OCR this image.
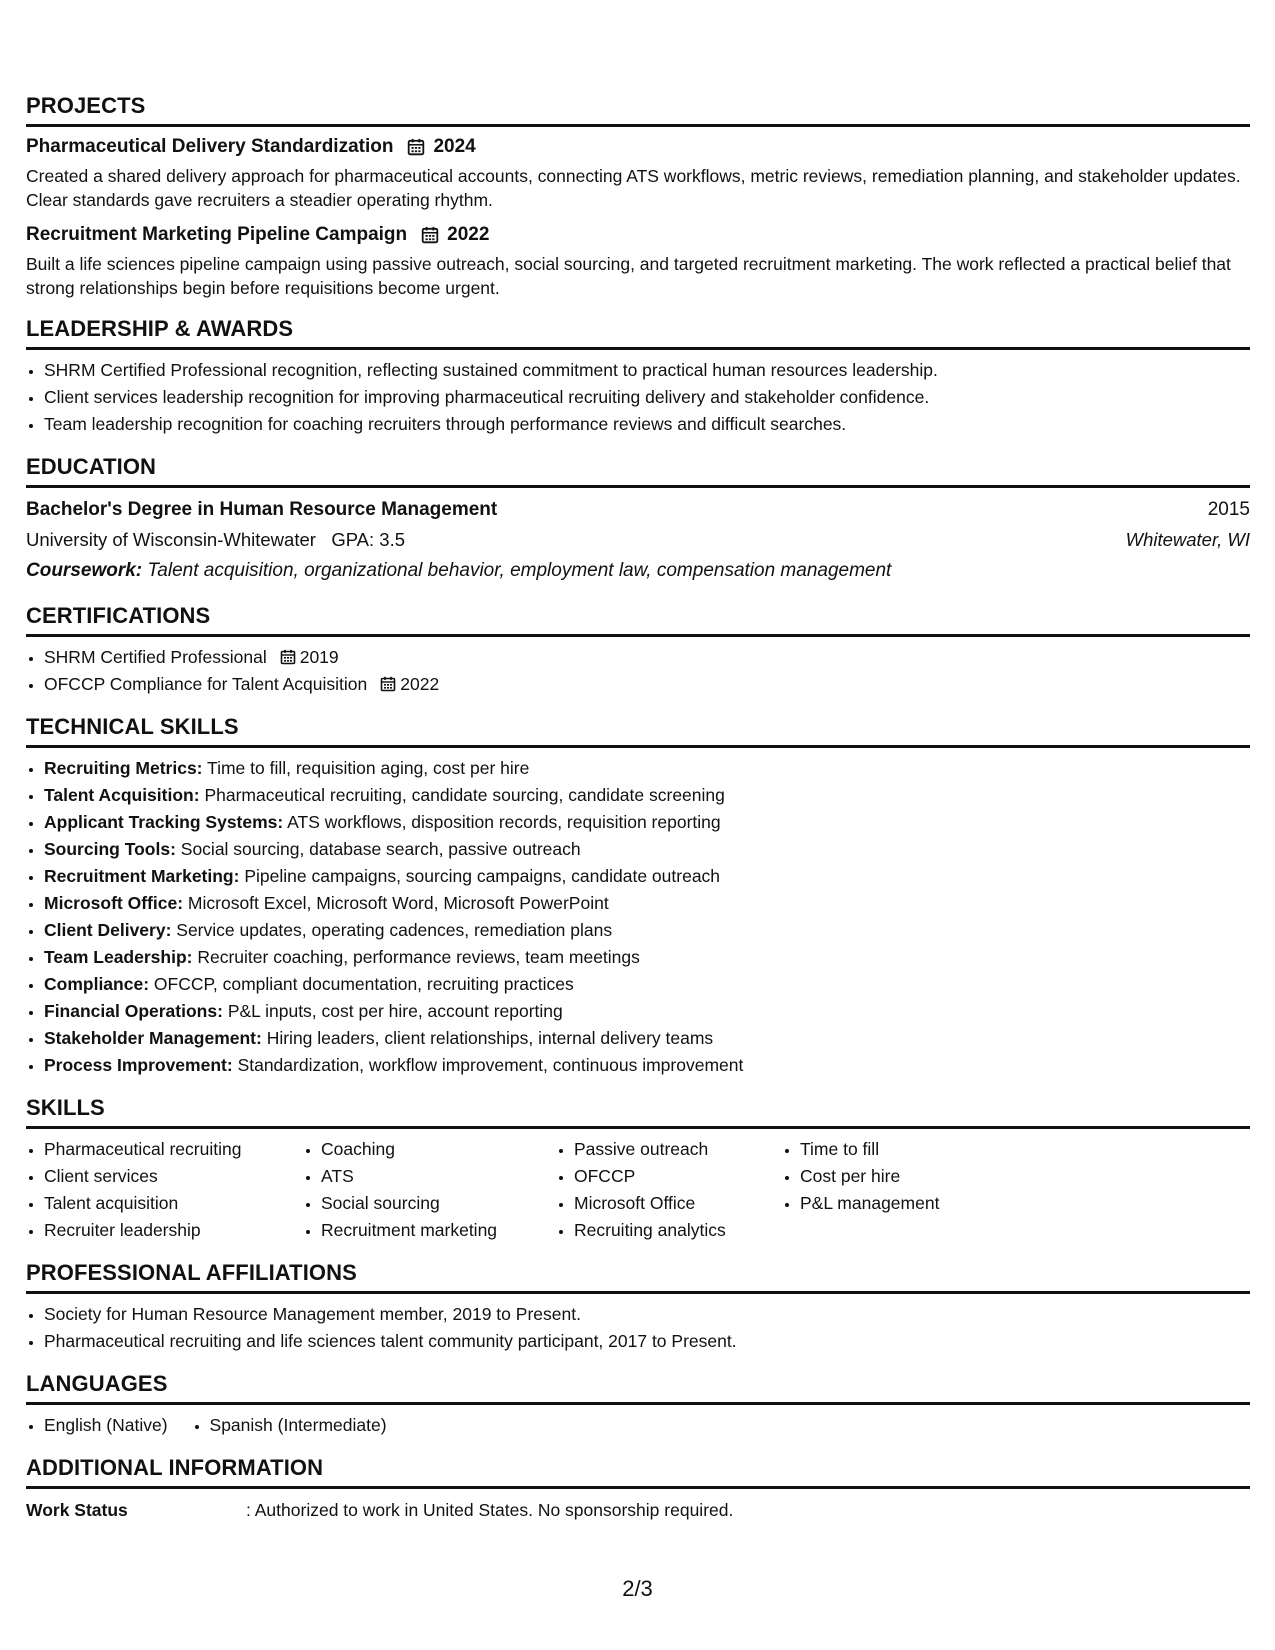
PROJECTS
Pharmaceutical Delivery Standardization 2024
Created a shared delivery approach for pharmaceutical accounts, connecting ATS workflows, metric reviews, remediation planning, and stakeholder updates. Clear standards gave recruiters a steadier operating rhythm.
Recruitment Marketing Pipeline Campaign 2022
Built a life sciences pipeline campaign using passive outreach, social sourcing, and targeted recruitment marketing. The work reflected a practical belief that strong relationships begin before requisitions become urgent.
LEADERSHIP & AWARDS
• SHRM Certified Professional recognition, reflecting sustained commitment to practical human resources leadership.
• Client services leadership recognition for improving pharmaceutical recruiting delivery and stakeholder confidence.
• Team leadership recognition for coaching recruiters through performance reviews and difficult searches.
EDUCATION
Bachelor's Degree in Human Resource Management	2015
University of Wisconsin-Whitewater GPA: 3.5	Whitewater, WI
Coursework: Talent acquisition, organizational behavior, employment law, compensation management
CERTIFICATIONS
• SHRM Certified Professional 2019
• OFCCP Compliance for Talent Acquisition 2022
TECHNICAL SKILLS
• Recruiting Metrics: Time to fill, requisition aging, cost per hire
• Talent Acquisition: Pharmaceutical recruiting, candidate sourcing, candidate screening
• Applicant Tracking Systems: ATS workflows, disposition records, requisition reporting
• Sourcing Tools: Social sourcing, database search, passive outreach
• Recruitment Marketing: Pipeline campaigns, sourcing campaigns, candidate outreach
• Microsoft Office: Microsoft Excel, Microsoft Word, Microsoft PowerPoint
• Client Delivery: Service updates, operating cadences, remediation plans
• Team Leadership: Recruiter coaching, performance reviews, team meetings
• Compliance: OFCCP, compliant documentation, recruiting practices
• Financial Operations: P&L inputs, cost per hire, account reporting
• Stakeholder Management: Hiring leaders, client relationships, internal delivery teams
• Process Improvement: Standardization, workflow improvement, continuous improvement
SKILLS
• Pharmaceutical recruiting
• Client services
• Talent acquisition
• Recruiter leadership
• Coaching
• ATS
• Social sourcing
• Recruitment marketing
• Passive outreach
• OFCCP
• Microsoft Office
• Recruiting analytics
• Time to fill
• Cost per hire
• P&L management
PROFESSIONAL AFFILIATIONS
• Society for Human Resource Management member, 2019 to Present.
• Pharmaceutical recruiting and life sciences talent community participant, 2017 to Present.
LANGUAGES
• English (Native)
• Spanish (Intermediate)
ADDITIONAL INFORMATION
Work Status	: Authorized to work in United States. No sponsorship required.
2/3
